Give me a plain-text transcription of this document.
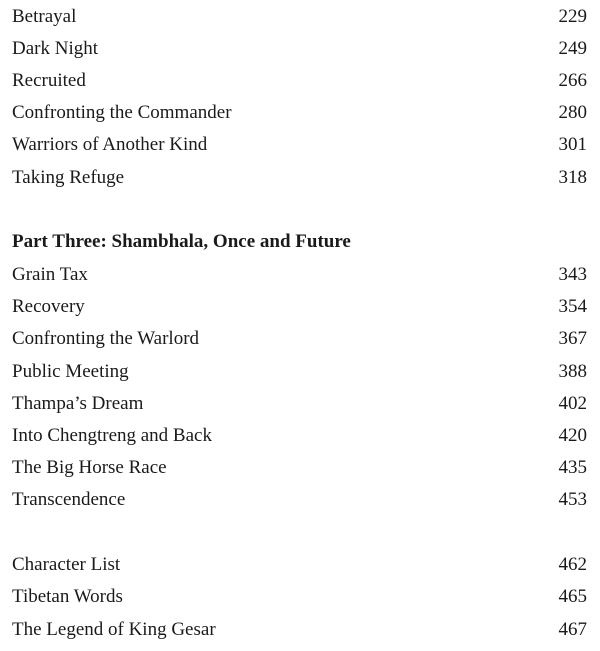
Betrayal	229
Dark Night	249
Recruited	266
Confronting the Commander	280
Warriors of Another Kind	301
Taking Refuge	318
Part Three: Shambhala, Once and Future
Grain Tax	343
Recovery	354
Confronting the Warlord	367
Public Meeting	388
Thampa’s Dream	402
Into Chengtreng and Back	420
The Big Horse Race	435
Transcendence	453
Character List	462
Tibetan Words	465
The Legend of King Gesar	467
